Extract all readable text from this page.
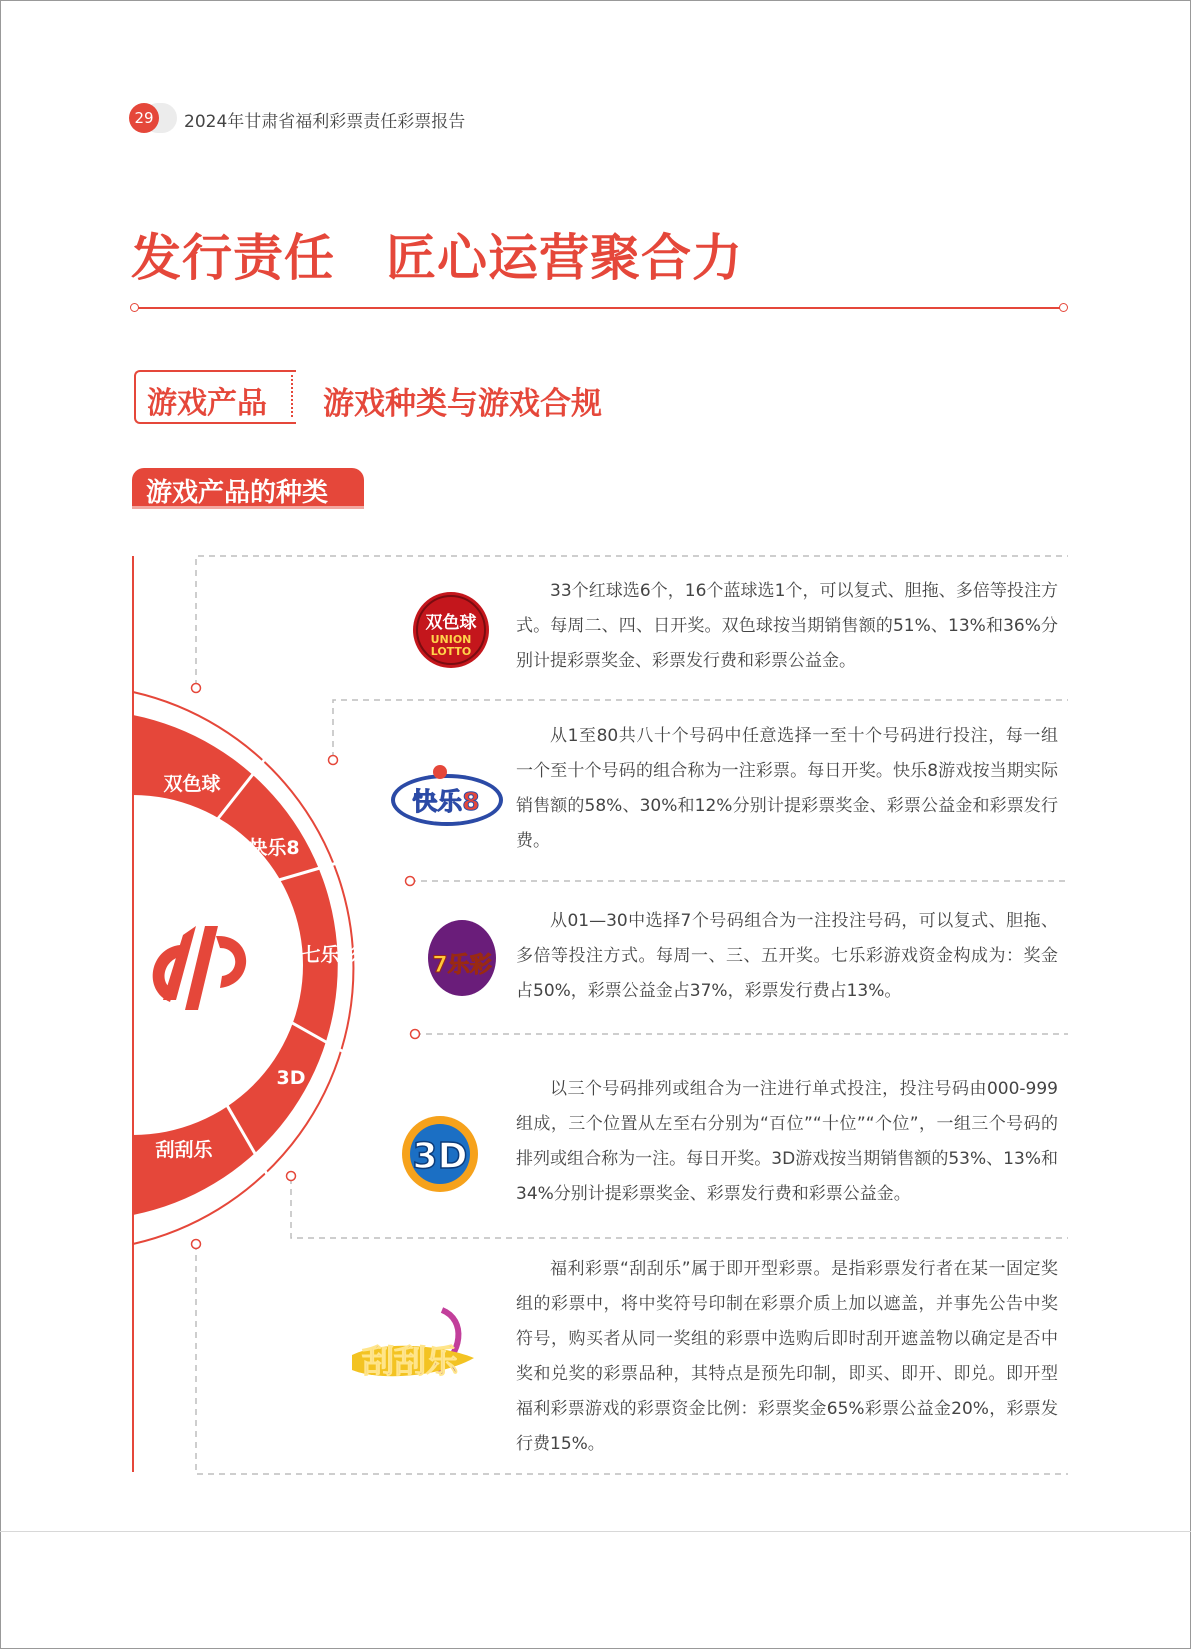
29	2024年甘肃省福利彩票责任彩票报告
发行责任　匠心运营聚合力
游戏产品 游戏种类与游戏合规
游戏产品的种类
双色球
快乐8
七乐彩
3D
刮刮乐
双色球
UNION
LOTTO
33个红球选6个，16个蓝球选1个，可以复式、胆拖、多倍等投注方式。每周二、四、日开奖。双色球按当期销售额的51%、13%和36%分别计提彩票奖金、彩票发行费和彩票公益金。
快乐8
从1至80共八十个号码中任意选择一至十个号码进行投注，每一组一个至十个号码的组合称为一注彩票。每日开奖。快乐8游戏按当期实际销售额的58%、30%和12%分别计提彩票奖金、彩票公益金和彩票发行费。
7乐彩
从01—30中选择7个号码组合为一注投注号码，可以复式、胆拖、多倍等投注方式。每周一、三、五开奖。七乐彩游戏资金构成为：奖金占50%，彩票公益金占37%，彩票发行费占13%。
3D
以三个号码排列或组合为一注进行单式投注，投注号码由000-999组成，三个位置从左至右分别为“百位”“十位”“个位”，一组三个号码的排列或组合称为一注。每日开奖。3D游戏按当期销售额的53%、13%和34%分别计提彩票奖金、彩票发行费和彩票公益金。
刮刮乐
福利彩票“刮刮乐”属于即开型彩票。是指彩票发行者在某一固定奖组的彩票中，将中奖符号印制在彩票介质上加以遮盖，并事先公告中奖符号，购买者从同一奖组的彩票中选购后即时刮开遮盖物以确定是否中奖和兑奖的彩票品种，其特点是预先印制，即买、即开、即兑。即开型福利彩票游戏的彩票资金比例：彩票奖金65%彩票公益金20%，彩票发行费15%。
